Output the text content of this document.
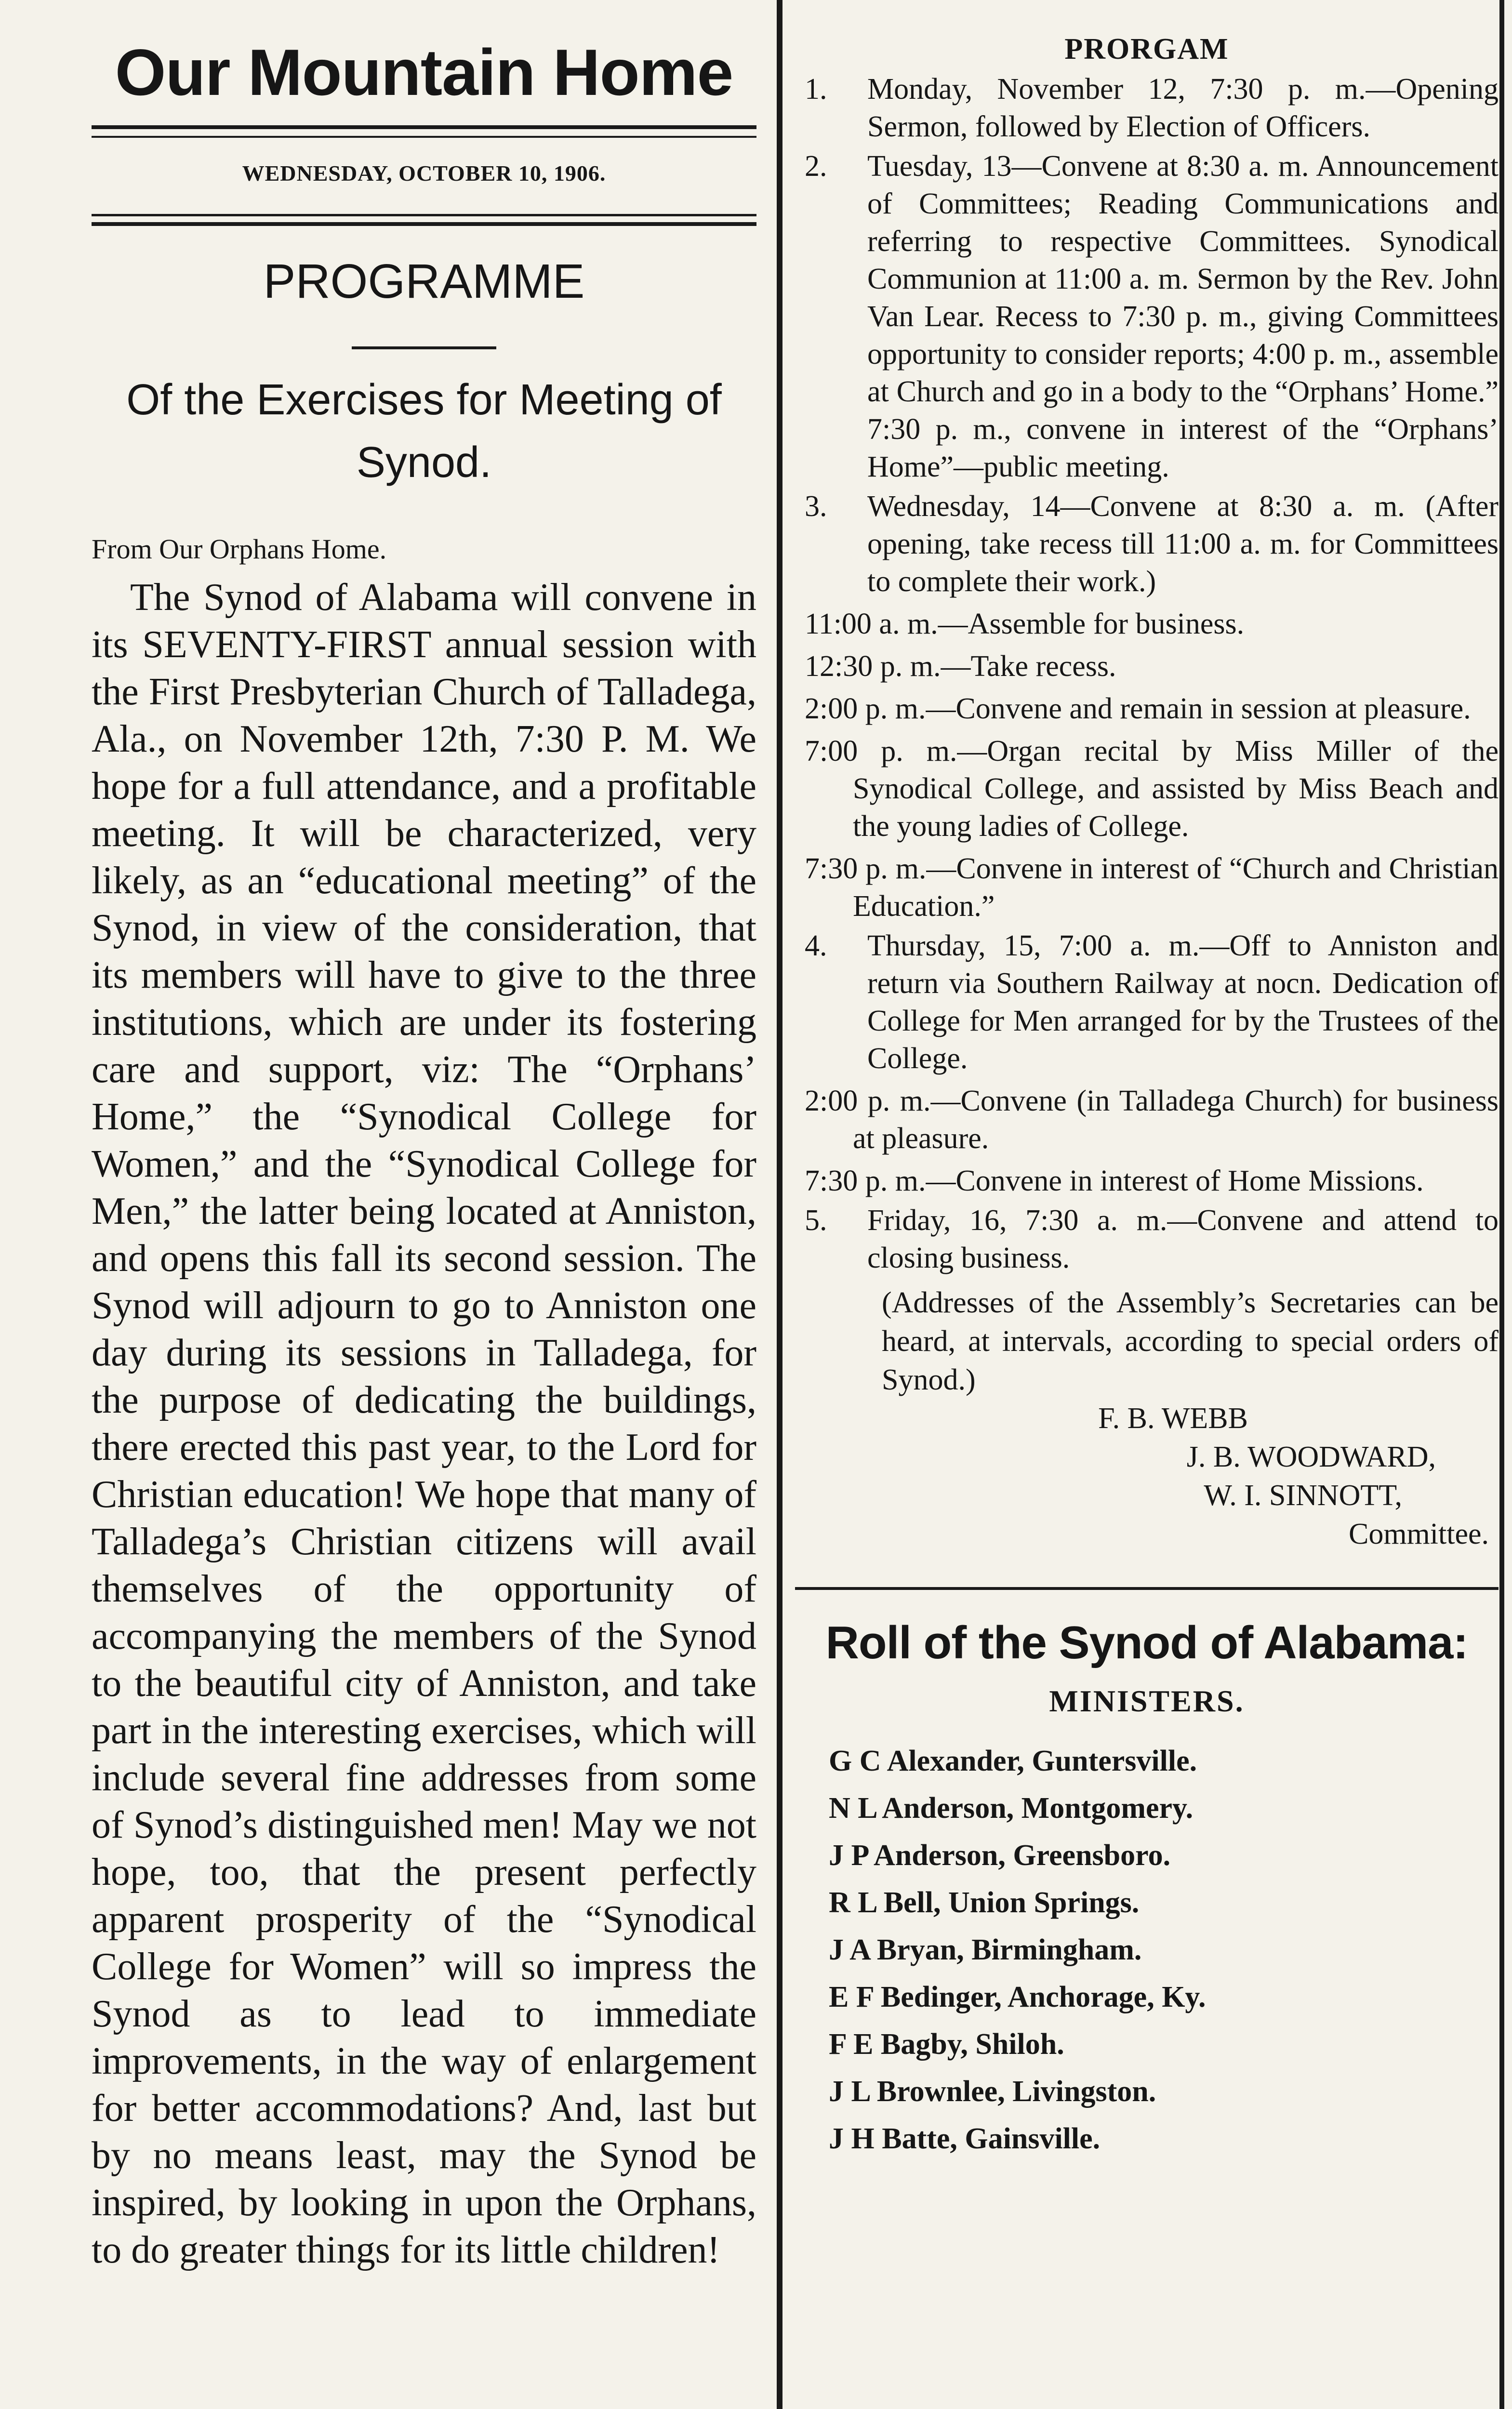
Our Mountain Home
WEDNESDAY, OCTOBER 10, 1906.
PROGRAMME
Of the Exercises for Meeting of Synod.
From Our Orphans Home.

The Synod of Alabama will convene in its SEVENTY-FIRST annual session with the First Presbyterian Church of Talladega, Ala., on November 12th, 7:30 P. M. We hope for a full attendance, and a profitable meeting. It will be characterized, very likely, as an “educational meeting” of the Synod, in view of the consideration, that its members will have to give to the three institutions, which are under its fostering care and support, viz: The “Orphans’ Home,” the “Synodical College for Women,” and the “Synodical College for Men,” the latter being located at Anniston, and opens this fall its second session. The Synod will adjourn to go to Anniston one day during its sessions in Talladega, for the purpose of dedicating the buildings, there erected this past year, to the Lord for Christian education! We hope that many of Talladega’s Christian citizens will avail themselves of the opportunity of accompanying the members of the Synod to the beautiful city of Anniston, and take part in the interesting exercises, which will include several fine addresses from some of Synod’s distinguished men! May we not hope, too, that the present perfectly apparent prosperity of the “Synodical College for Women” will so impress the Synod as to lead to immediate improvements, in the way of enlargement for better accommodations? And, last but by no means least, may the Synod be inspired, by looking in upon the Orphans, to do greater things for its little children!

PRORGAM
1. Monday, November 12, 7:30 p. m.—Opening Sermon, followed by Election of Officers.
2. Tuesday, 13—Convene at 8:30 a. m. Announcement of Committees; Reading Communications and referring to respective Committees. Synodical Communion at 11:00 a. m. Sermon by the Rev. John Van Lear. Recess to 7:30 p. m., giving Committees opportunity to consider reports; 4:00 p. m., assemble at Church and go in a body to the “Orphans’ Home.” 7:30 p. m., convene in interest of the “Orphans’ Home”—public meeting.
3. Wednesday, 14—Convene at 8:30 a. m. (After opening, take recess till 11:00 a. m. for Committees to complete their work.)
11:00 a. m.—Assemble for business.
12:30 p. m.—Take recess.
2:00 p. m.—Convene and remain in session at pleasure.
7:00 p. m.—Organ recital by Miss Miller of the Synodical College, and assisted by Miss Beach and the young ladies of College.
7:30 p. m.—Convene in interest of “Church and Christian Education.”
4. Thursday, 15, 7:00 a. m.—Off to Anniston and return via Southern Railway at nocn. Dedication of College for Men arranged for by the Trustees of the College.
2:00 p. m.—Convene (in Talladega Church) for business at pleasure.
7:30 p. m.—Convene in interest of Home Missions.
5. Friday, 16, 7:30 a. m.—Convene and attend to closing business.
(Addresses of the Assembly’s Secretaries can be heard, at intervals, according to special orders of Synod.)
F. B. WEBB
J. B. WOODWARD,
W. I. SINNOTT,
Committee.
Roll of the Synod of Alabama:
MINISTERS.
G C Alexander, Guntersville.
N L Anderson, Montgomery.
J P Anderson, Greensboro.
R L Bell, Union Springs.
J A Bryan, Birmingham.
E F Bedinger, Anchorage, Ky.
F E Bagby, Shiloh.
J L Brownlee, Livingston.
J H Batte, Gainsville.
